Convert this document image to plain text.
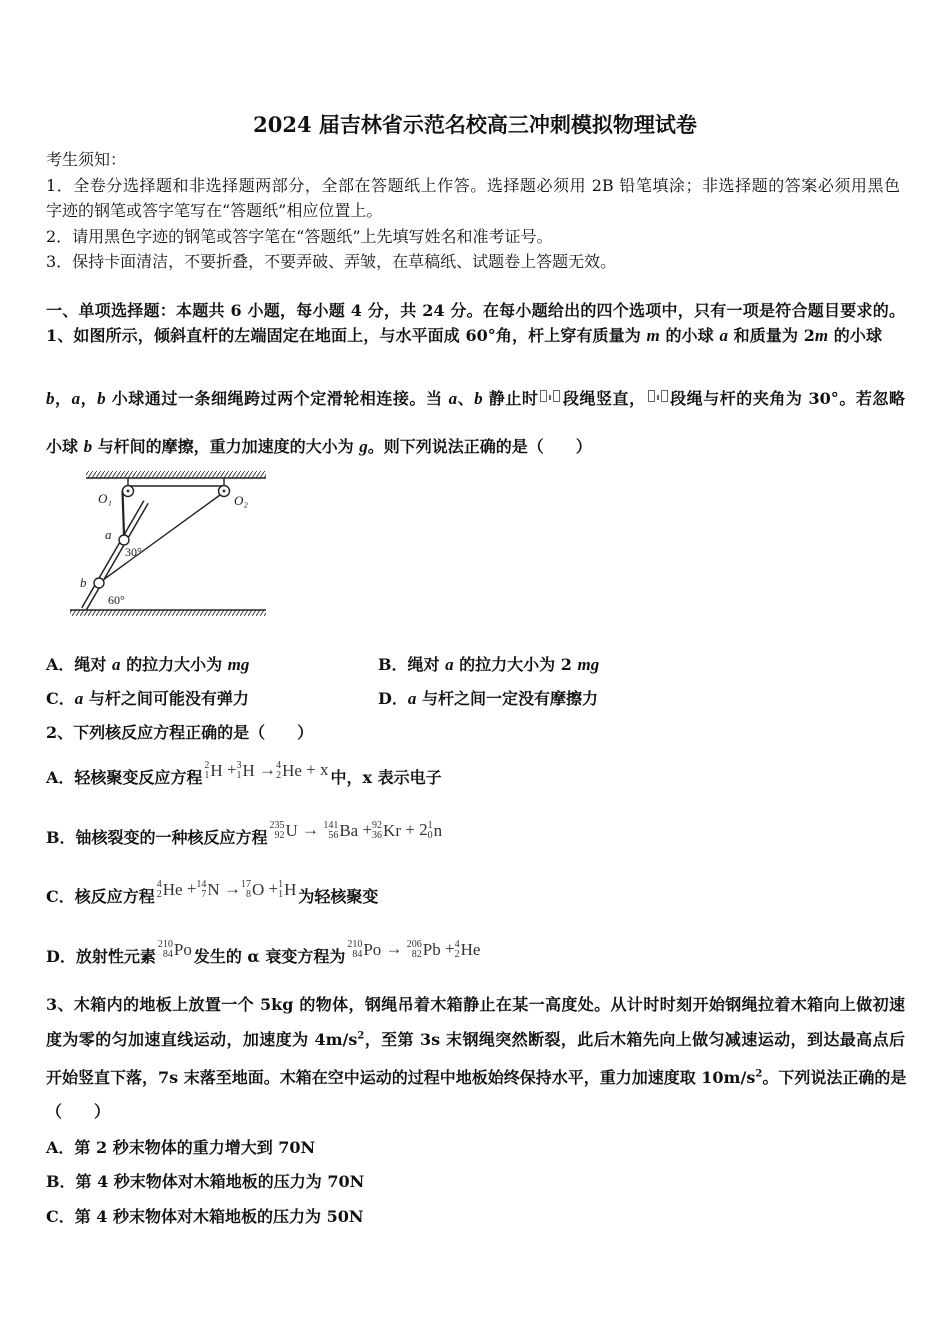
2024 届吉林省示范名校高三冲刺模拟物理试卷
考生须知：
1．全卷分选择题和非选择题两部分，全部在答题纸上作答。选择题必须用 2B 铅笔填涂；非选择题的答案必须用黑色
字迹的钢笔或答字笔写在“答题纸”相应位置上。
2．请用黑色字迹的钢笔或答字笔在“答题纸”上先填写姓名和准考证号。
3．保持卡面清洁，不要折叠，不要弄破、弄皱，在草稿纸、试题卷上答题无效。
一、单项选择题：本题共 6 小题，每小题 4 分，共 24 分。在每小题给出的四个选项中，只有一项是符合题目要求的。
1、如图所示，倾斜直杆的左端固定在地面上，与水平面成 60°角，杆上穿有质量为 m 的小球 a 和质量为 2m 的小球
b，a，b 小球通过一条细绳跨过两个定滑轮相连接。当 a、b 静止时 段绳竖直， 段绳与杆的夹角为 30°。若忽略
小球 b 与杆间的摩擦，重力加速度的大小为 g。则下列说法正确的是（　　）
O₁	O₂
a
b
30°
60°
A．绳对 a 的拉力大小为 mg	B．绳对 a 的拉力大小为 2 mg
C．a 与杆之间可能没有弹力	D．a 与杆之间一定没有摩擦力
2、下列核反应方程正确的是（　　）
A．轻核聚变反应方程
2
1 H + 3
1 H → 4
2 He + x 中，x 表示电子
B．铀核裂变的一种核反应方程
235
92 U → 141
56 Ba + 92
36 Kr + 2 1
0 n
C．核反应方程
4
2 He + 14
7 N → 17
8 O + 1
1 H 为轻核聚变
D．放射性元素
210
84 Po 发生的 α 衰变方程为
210
84 Po → 206
82 Pb + 4
2 He
3、木箱内的地板上放置一个 5kg 的物体，钢绳吊着木箱静止在某一高度处。从计时时刻开始钢绳拉着木箱向上做初速
度为零的匀加速直线运动，加速度为 $4m/s^2$，至第 3s 末钢绳突然断裂，此后木箱先向上做匀减速运动，到达最高点后
开始竖直下落，7s 末落至地面。木箱在空中运动的过程中地板始终保持水平，重力加速度取 $10m/s^2$。下列说法正确的是
（　　）
A．第 2 秒末物体的重力增大到 70N
B．第 4 秒末物体对木箱地板的压力为 70N
C．第 4 秒末物体对木箱地板的压力为 50N
